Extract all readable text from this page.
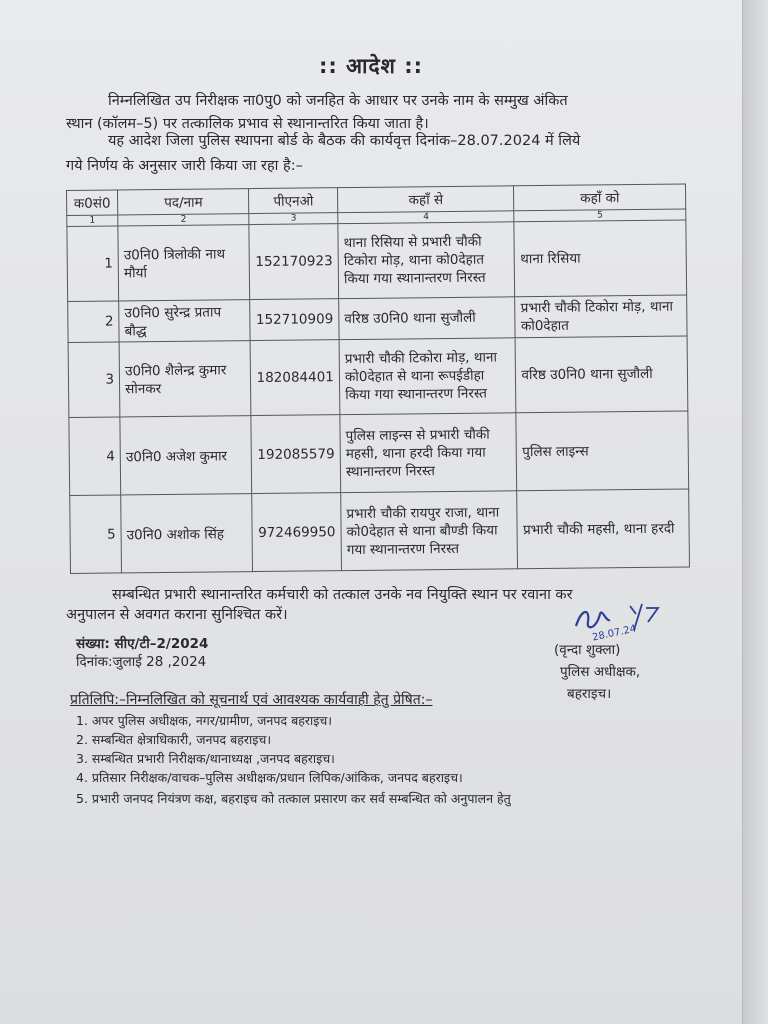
:: आदेश ::
निम्नलिखित उप निरीक्षक ना0पु0 को जनहित के आधार पर उनके नाम के सम्मुख अंकित
स्थान (कॉलम–5) पर तत्कालिक प्रभाव से स्थानान्तरित किया जाता है।
यह आदेश जिला पुलिस स्थापना बोर्ड के बैठक की कार्यवृत्त दिनांक–28.07.2024 में लिये
गये निर्णय के अनुसार जारी किया जा रहा है:–
क0सं0	पद/नाम	पीएनओ	कहाँ से	कहाँ को
1	2	3	4	5
1	उ0नि0 त्रिलोकी नाथ मौर्या	152170923	थाना रिसिया से प्रभारी चौकी टिकोरा मोड़, थाना को0देहात किया गया स्थानान्तरण निरस्त	थाना रिसिया
2	उ0नि0 सुरेन्द्र प्रताप बौद्ध	152710909	वरिष्ठ उ0नि0 थाना सुजौली	प्रभारी चौकी टिकोरा मोड़, थाना को0देहात
3	उ0नि0 शैलेन्द्र कुमार सोनकर	182084401	प्रभारी चौकी टिकोरा मोड़, थाना को0देहात से थाना रूपईडीहा किया गया स्थानान्तरण निरस्त	वरिष्ठ उ0नि0 थाना सुजौली
4	उ0नि0 अजेश कुमार	192085579	पुलिस लाइन्स से प्रभारी चौकी महसी, थाना हरदी किया गया स्थानान्तरण निरस्त	पुलिस लाइन्स
5	उ0नि0 अशोक सिंह	972469950	प्रभारी चौकी रायपुर राजा, थाना को0देहात से थाना बौण्डी किया गया स्थानान्तरण निरस्त	प्रभारी चौकी महसी, थाना हरदी
सम्बन्धित प्रभारी स्थानान्तरित कर्मचारी को तत्काल उनके नव नियुक्ति स्थान पर रवाना कर
अनुपालन से अवगत कराना सुनिश्चित करें।
संख्या: सीए/टी–2/2024
दिनांक:जुलाई 28 ,2024
28.07.24
(वृन्दा शुक्ला)
पुलिस अधीक्षक,
बहराइच।
प्रतिलिपि:–निम्नलिखित को सूचनार्थ एवं आवश्यक कार्यवाही हेतु प्रेषित:–
1. अपर पुलिस अधीक्षक, नगर/ग्रामीण, जनपद बहराइच।
2. सम्बन्धित क्षेत्राधिकारी, जनपद बहराइच।
3. सम्बन्धित प्रभारी निरीक्षक/थानाध्यक्ष ,जनपद बहराइच।
4. प्रतिसार निरीक्षक/वाचक–पुलिस अधीक्षक/प्रधान लिपिक/आंकिक, जनपद बहराइच।
5. प्रभारी जनपद नियंत्रण कक्ष, बहराइच को तत्काल प्रसारण कर सर्व सम्बन्धित को अनुपालन हेतु
